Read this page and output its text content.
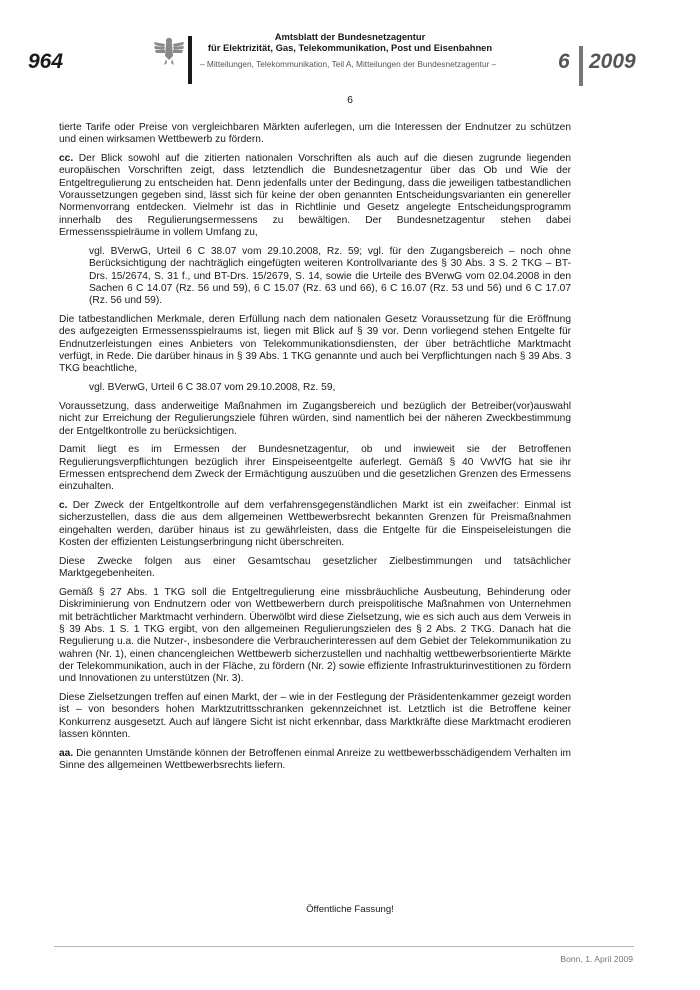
964
Amtsblatt der Bundesnetzagentur
für Elektrizität, Gas, Telekommunikation, Post und Eisenbahnen
– Mitteilungen, Telekommunikation, Teil A, Mitteilungen der Bundesnetzagentur –	6 2009
6

tierte Tarife oder Preise von vergleichbaren Märkten auferlegen, um die Interessen der Endnutzer zu schützen und einen wirksamen Wettbewerb zu fördern.

cc. Der Blick sowohl auf die zitierten nationalen Vorschriften als auch auf die diesen zugrunde liegenden europäischen Vorschriften zeigt, dass letztendlich die Bundesnetzagentur über das Ob und Wie der Entgeltregulierung zu entscheiden hat. Denn jedenfalls unter der Bedingung, dass die jeweiligen tatbestandlichen Voraussetzungen gegeben sind, lässt sich für keine der oben genannten Entscheidungsvarianten ein genereller Normenvorrang entdecken. Vielmehr ist das in Richtlinie und Gesetz angelegte Entscheidungsprogramm innerhalb des Regulierungsermessens zu bewältigen. Der Bundesnetzagentur stehen dabei Ermessensspielräume in vollem Umfang zu,

vgl. BVerwG, Urteil 6 C 38.07 vom 29.10.2008, Rz. 59; vgl. für den Zugangsbereich – noch ohne Berücksichtigung der nachträglich eingefügten weiteren Kontrollvariante des § 30 Abs. 3 S. 2 TKG – BT-Drs. 15/2674, S. 31 f., und BT-Drs. 15/2679, S. 14, sowie die Urteile des BVerwG vom 02.04.2008 in den Sachen 6 C 14.07 (Rz. 56 und 59), 6 C 15.07 (Rz. 63 und 66), 6 C 16.07 (Rz. 53 und 56) und 6 C 17.07 (Rz. 56 und 59).

Die tatbestandlichen Merkmale, deren Erfüllung nach dem nationalen Gesetz Voraussetzung für die Eröffnung des aufgezeigten Ermessensspielraums ist, liegen mit Blick auf § 39 vor. Denn vorliegend stehen Entgelte für Endnutzerleistungen eines Anbieters von Telekommunikationsdiensten, der über beträchtliche Marktmacht verfügt, in Rede. Die darüber hinaus in § 39 Abs. 1 TKG genannte und auch bei Verpflichtungen nach § 39 Abs. 3 TKG beachtliche,

vgl. BVerwG, Urteil 6 C 38.07 vom 29.10.2008, Rz. 59,

Voraussetzung, dass anderweitige Maßnahmen im Zugangsbereich und bezüglich der Betreiber(vor)auswahl nicht zur Erreichung der Regulierungsziele führen würden, sind namentlich bei der näheren Zweckbestimmung der Entgeltkontrolle zu berücksichtigen.

Damit liegt es im Ermessen der Bundesnetzagentur, ob und inwieweit sie der Betroffenen Regulierungsverpflichtungen bezüglich ihrer Einspeiseentgelte auferlegt. Gemäß § 40 VwVfG hat sie ihr Ermessen entsprechend dem Zweck der Ermächtigung auszuüben und die gesetzlichen Grenzen des Ermessens einzuhalten.

c. Der Zweck der Entgeltkontrolle auf dem verfahrensgegenständlichen Markt ist ein zweifacher: Einmal ist sicherzustellen, dass die aus dem allgemeinen Wettbewerbsrecht bekannten Grenzen für Preismaßnahmen eingehalten werden, darüber hinaus ist zu gewährleisten, dass die Entgelte für die Einspeiseleistungen die Kosten der effizienten Leistungserbringung nicht überschreiten.

Diese Zwecke folgen aus einer Gesamtschau gesetzlicher Zielbestimmungen und tatsächlicher Marktgegebenheiten.

Gemäß § 27 Abs. 1 TKG soll die Entgeltregulierung eine missbräuchliche Ausbeutung, Behinderung oder Diskriminierung von Endnutzern oder von Wettbewerbern durch preispolitische Maßnahmen von Unternehmen mit beträchtlicher Marktmacht verhindern. Überwölbt wird diese Zielsetzung, wie es sich auch aus dem Verweis in § 39 Abs. 1 S. 1 TKG ergibt, von den allgemeinen Regulierungszielen des § 2 Abs. 2 TKG. Danach hat die Regulierung u.a. die Nutzer-, insbesondere die Verbraucherinteressen auf dem Gebiet der Telekommunikation zu wahren (Nr. 1), einen chancengleichen Wettbewerb sicherzustellen und nachhaltig wettbewerbsorientierte Märkte der Telekommunikation, auch in der Fläche, zu fördern (Nr. 2) sowie effiziente Infrastrukturinvestitionen zu fördern und Innovationen zu unterstützen (Nr. 3).

Diese Zielsetzungen treffen auf einen Markt, der – wie in der Festlegung der Präsidentenkammer gezeigt worden ist – von besonders hohen Marktzutrittsschranken gekennzeichnet ist. Letztlich ist die Betroffene keiner Konkurrenz ausgesetzt. Auch auf längere Sicht ist nicht erkennbar, dass Marktkräfte diese Marktmacht erodieren lassen könnten.

aa. Die genannten Umstände können der Betroffenen einmal Anreize zu wettbewerbsschädigendem Verhalten im Sinne des allgemeinen Wettbewerbsrechts liefern.

Öffentliche Fassung!
Bonn, 1. April 2009
